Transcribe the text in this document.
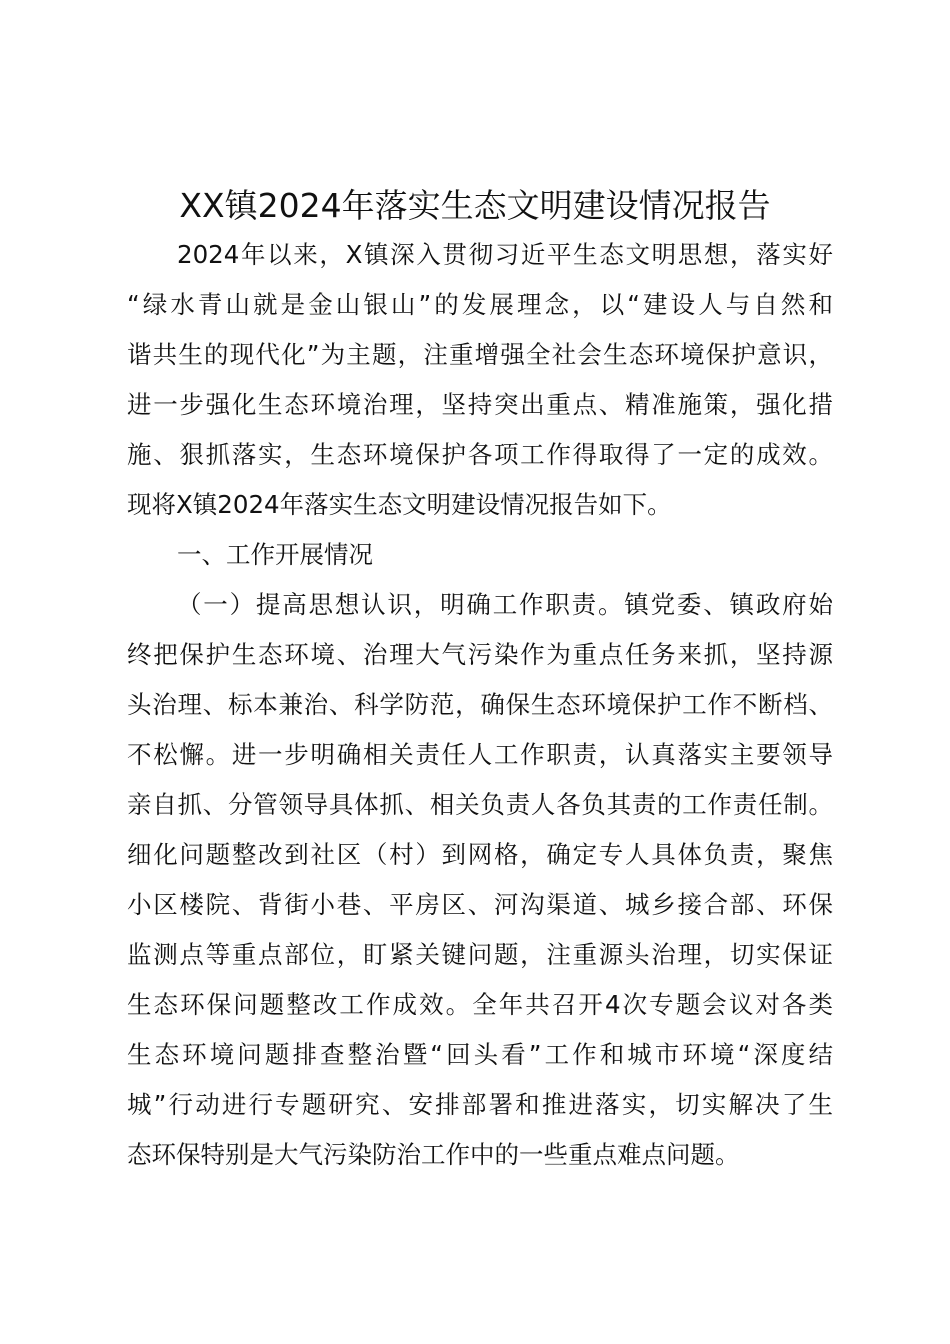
XX镇2024年落实生态文明建设情况报告
2024年以来，X镇深入贯彻习近平生态文明思想，落实好
“绿水青山就是金山银山”的发展理念，以“建设人与自然和
谐共生的现代化”为主题，注重增强全社会生态环境保护意识，
进一步强化生态环境治理，坚持突出重点、精准施策，强化措
施、狠抓落实，生态环境保护各项工作得取得了一定的成效。
现将X镇2024年落实生态文明建设情况报告如下。
一、工作开展情况
（一）提高思想认识，明确工作职责。镇党委、镇政府始
终把保护生态环境、治理大气污染作为重点任务来抓，坚持源
头治理、标本兼治、科学防范，确保生态环境保护工作不断档、
不松懈。进一步明确相关责任人工作职责，认真落实主要领导
亲自抓、分管领导具体抓、相关负责人各负其责的工作责任制。
细化问题整改到社区（村）到网格，确定专人具体负责，聚焦
小区楼院、背街小巷、平房区、河沟渠道、城乡接合部、环保
监测点等重点部位，盯紧关键问题，注重源头治理，切实保证
生态环保问题整改工作成效。全年共召开4次专题会议对各类
生态环境问题排查整治暨“回头看”工作和城市环境“深度结
城”行动进行专题研究、安排部署和推进落实，切实解决了生
态环保特别是大气污染防治工作中的一些重点难点问题。
